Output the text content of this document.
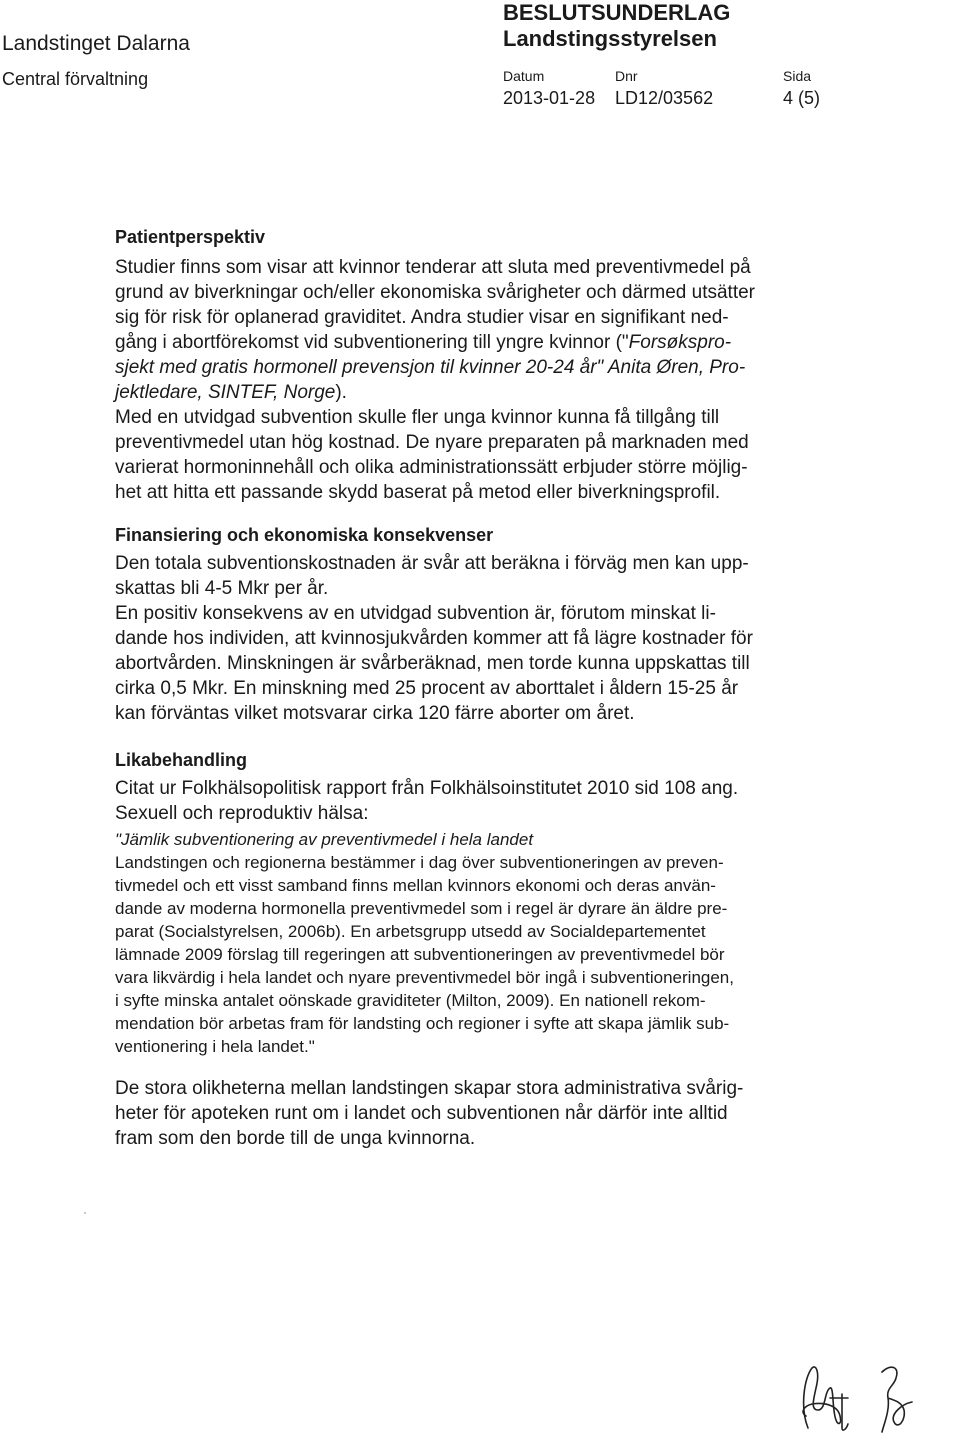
Landstinget Dalarna
Central förvaltning
BESLUTSUNDERLAG
Landstingsstyrelsen
Datum	Dnr	Sida
2013-01-28 LD12/03562	4 (5)
Patientperspektiv
Studier finns som visar att kvinnor tenderar att sluta med preventivmedel på
grund av biverkningar och/eller ekonomiska svårigheter och därmed utsätter
sig för risk för oplanerad graviditet. Andra studier visar en signifikant ned-
gång i abortförekomst vid subventionering till yngre kvinnor ("Forsøkspro-
sjekt med gratis hormonell prevensjon til kvinner 20-24 år" Anita Øren, Pro-
jektledare, SINTEF, Norge).
Med en utvidgad subvention skulle fler unga kvinnor kunna få tillgång till
preventivmedel utan hög kostnad. De nyare preparaten på marknaden med
varierat hormoninnehåll och olika administrationssätt erbjuder större möjlig-
het att hitta ett passande skydd baserat på metod eller biverkningsprofil.
Finansiering och ekonomiska konsekvenser
Den totala subventionskostnaden är svår att beräkna i förväg men kan upp-
skattas bli 4-5 Mkr per år.
En positiv konsekvens av en utvidgad subvention är, förutom minskat li-
dande hos individen, att kvinnosjukvården kommer att få lägre kostnader för
abortvården. Minskningen är svårberäknad, men torde kunna uppskattas till
cirka 0,5 Mkr. En minskning med 25 procent av aborttalet i åldern 15-25 år
kan förväntas vilket motsvarar cirka 120 färre aborter om året.
Likabehandling
Citat ur Folkhälsopolitisk rapport från Folkhälsoinstitutet 2010 sid 108 ang.
Sexuell och reproduktiv hälsa:
"Jämlik subventionering av preventivmedel i hela landet
Landstingen och regionerna bestämmer i dag över subventioneringen av preven-
tivmedel och ett visst samband finns mellan kvinnors ekonomi och deras använ-
dande av moderna hormonella preventivmedel som i regel är dyrare än äldre pre-
parat (Socialstyrelsen, 2006b). En arbetsgrupp utsedd av Socialdepartementet
lämnade 2009 förslag till regeringen att subventioneringen av preventivmedel bör
vara likvärdig i hela landet och nyare preventivmedel bör ingå i subventioneringen,
i syfte minska antalet oönskade graviditeter (Milton, 2009). En nationell rekom-
mendation bör arbetas fram för landsting och regioner i syfte att skapa jämlik sub-
ventionering i hela landet."
De stora olikheterna mellan landstingen skapar stora administrativa svårig-
heter för apoteken runt om i landet och subventionen når därför inte alltid
fram som den borde till de unga kvinnorna.
